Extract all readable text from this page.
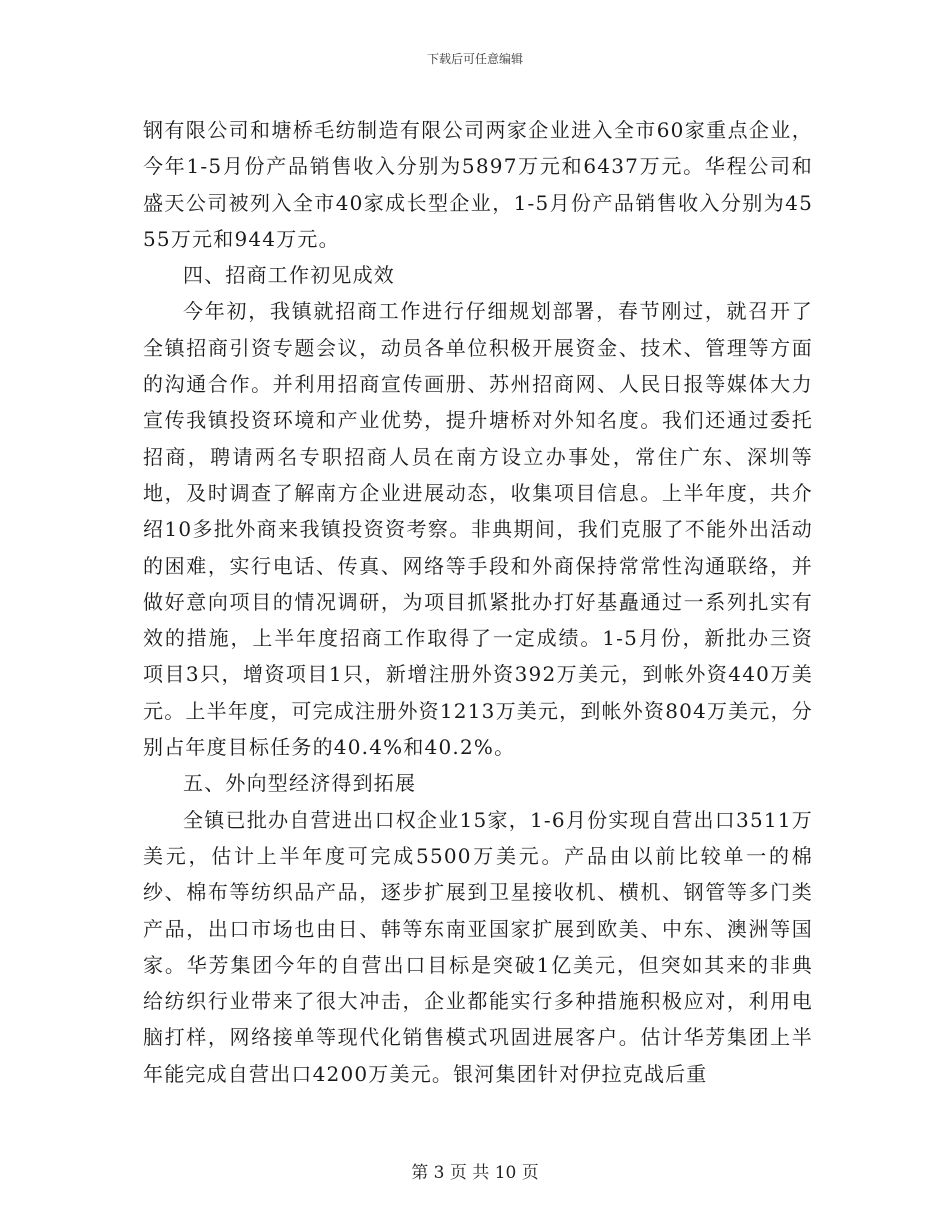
下载后可任意编辑

钢有限公司和塘桥毛纺制造有限公司两家企业进入全市60家重点企业，今年1-5月份产品销售收入分别为5897万元和6437万元。华程公司和盛天公司被列入全市40家成长型企业，1-5月份产品销售收入分别为4555万元和944万元。

四、招商工作初见成效

今年初，我镇就招商工作进行仔细规划部署，春节刚过，就召开了全镇招商引资专题会议，动员各单位积极开展资金、技术、管理等方面的沟通合作。并利用招商宣传画册、苏州招商网、人民日报等媒体大力宣传我镇投资环境和产业优势，提升塘桥对外知名度。我们还通过委托招商，聘请两名专职招商人员在南方设立办事处，常住广东、深圳等地，及时调查了解南方企业进展动态，收集项目信息。上半年度，共介绍10多批外商来我镇投资资考察。非典期间，我们克服了不能外出活动的困难，实行电话、传真、网络等手段和外商保持常常性沟通联络，并做好意向项目的情况调研，为项目抓紧批办打好基矗通过一系列扎实有效的措施，上半年度招商工作取得了一定成绩。1-5月份，新批办三资项目3只，增资项目1只，新增注册外资392万美元，到帐外资440万美元。上半年度，可完成注册外资1213万美元，到帐外资804万美元，分别占年度目标任务的40.4%和40.2%。

五、外向型经济得到拓展

全镇已批办自营进出口权企业15家，1-6月份实现自营出口3511万美元，估计上半年度可完成5500万美元。产品由以前比较单一的棉纱、棉布等纺织品产品，逐步扩展到卫星接收机、横机、钢管等多门类产品，出口市场也由日、韩等东南亚国家扩展到欧美、中东、澳洲等国家。华芳集团今年的自营出口目标是突破1亿美元，但突如其来的非典给纺织行业带来了很大冲击，企业都能实行多种措施积极应对，利用电脑打样，网络接单等现代化销售模式巩固进展客户。估计华芳集团上半年能完成自营出口4200万美元。银河集团针对伊拉克战后重

第 3 页 共 10 页
